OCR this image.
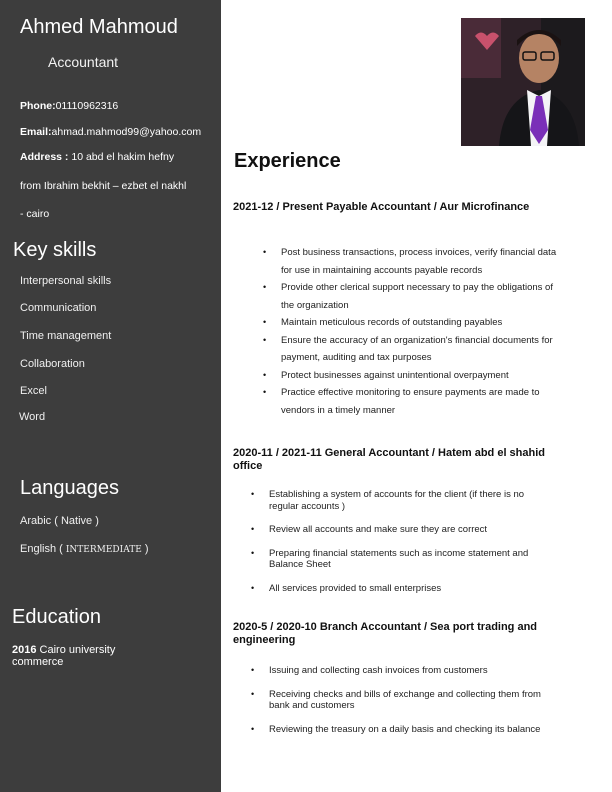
Ahmed Mahmoud
Accountant
Phone:01110962316
Email:ahmad.mahmod99@yahoo.com
Address : 10 abd el hakim hefny
from Ibrahim bekhit – ezbet el nakhl
- cairo
Key skills
Interpersonal skills
Communication
Time management
Collaboration
Excel
Word
Languages
Arabic ( Native )
English ( INTERMEDIATE )
Education
2016 Cairo university
commerce
Experience
2021-12 / Present Payable Accountant / Aur Microfinance
• Post business transactions, process invoices, verify financial data
for use in maintaining accounts payable records
• Provide other clerical support necessary to pay the obligations of
the organization
• Maintain meticulous records of outstanding payables
• Ensure the accuracy of an organization's financial documents for
payment, auditing and tax purposes
• Protect businesses against unintentional overpayment
• Practice effective monitoring to ensure payments are made to
vendors in a timely manner
2020-11 / 2021-11 General Accountant / Hatem abd el shahid
office
• Establishing a system of accounts for the client (if there is no
regular accounts )
• Review all accounts and make sure they are correct
• Preparing financial statements such as income statement and
Balance Sheet
• All services provided to small enterprises
2020-5 / 2020-10 Branch Accountant / Sea port trading and
engineering
• Issuing and collecting cash invoices from customers
• Receiving checks and bills of exchange and collecting them from
bank and customers
• Reviewing the treasury on a daily basis and checking its balance
